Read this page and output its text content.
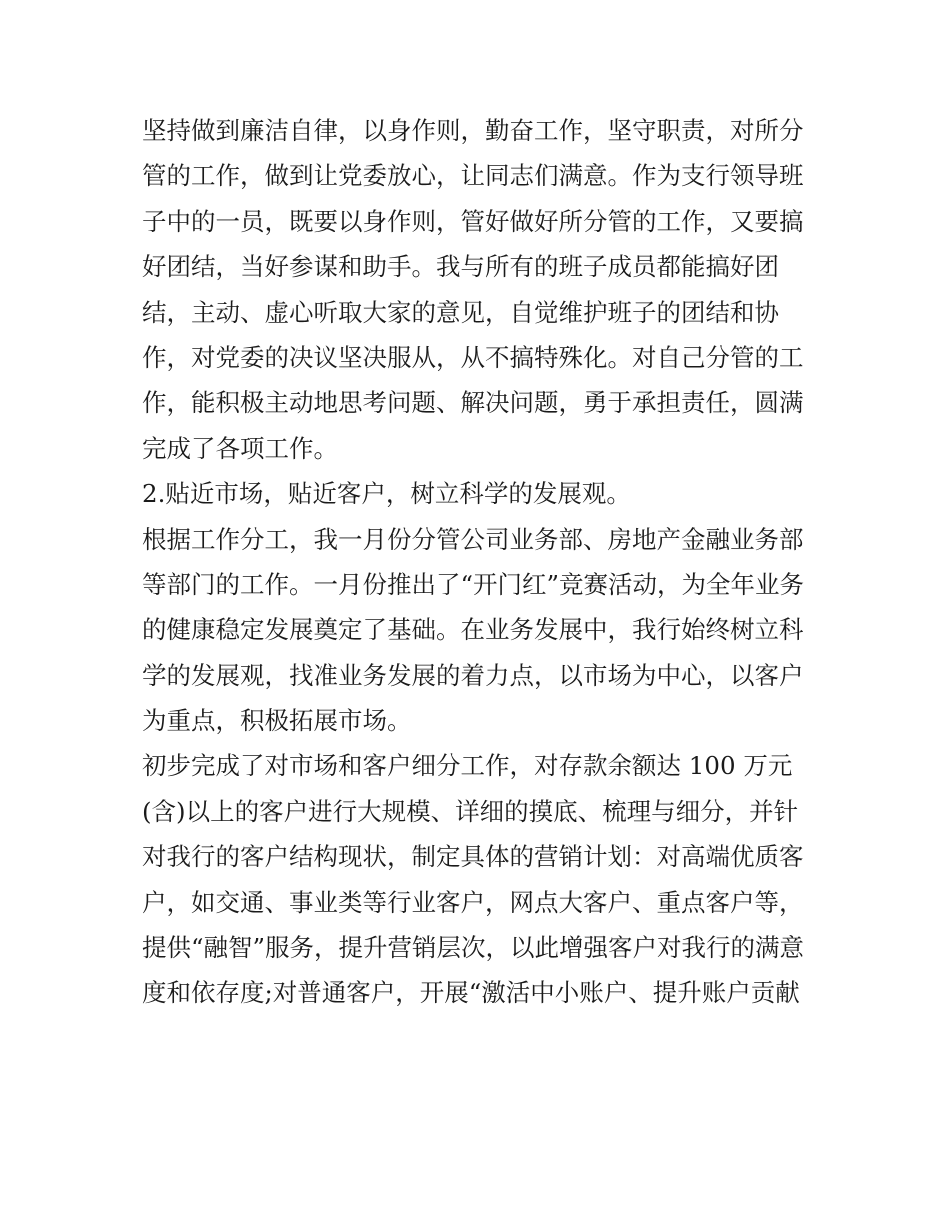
坚持做到廉洁自律，以身作则，勤奋工作，坚守职责，对所分
管的工作，做到让党委放心，让同志们满意。作为支行领导班
子中的一员，既要以身作则，管好做好所分管的工作，又要搞
好团结，当好参谋和助手。我与所有的班子成员都能搞好团
结，主动、虚心听取大家的意见，自觉维护班子的团结和协
作，对党委的决议坚决服从，从不搞特殊化。对自己分管的工
作，能积极主动地思考问题、解决问题，勇于承担责任，圆满
完成了各项工作。
2.贴近市场，贴近客户，树立科学的发展观。
根据工作分工，我一月份分管公司业务部、房地产金融业务部
等部门的工作。一月份推出了“开门红”竞赛活动，为全年业务
的健康稳定发展奠定了基础。在业务发展中，我行始终树立科
学的发展观，找准业务发展的着力点，以市场为中心，以客户
为重点，积极拓展市场。
初步完成了对市场和客户细分工作，对存款余额达 100 万元
(含)以上的客户进行大规模、详细的摸底、梳理与细分，并针
对我行的客户结构现状，制定具体的营销计划：对高端优质客
户，如交通、事业类等行业客户，网点大客户、重点客户等，
提供“融智”服务，提升营销层次，以此增强客户对我行的满意
度和依存度;对普通客户，开展“激活中小账户、提升账户贡献
